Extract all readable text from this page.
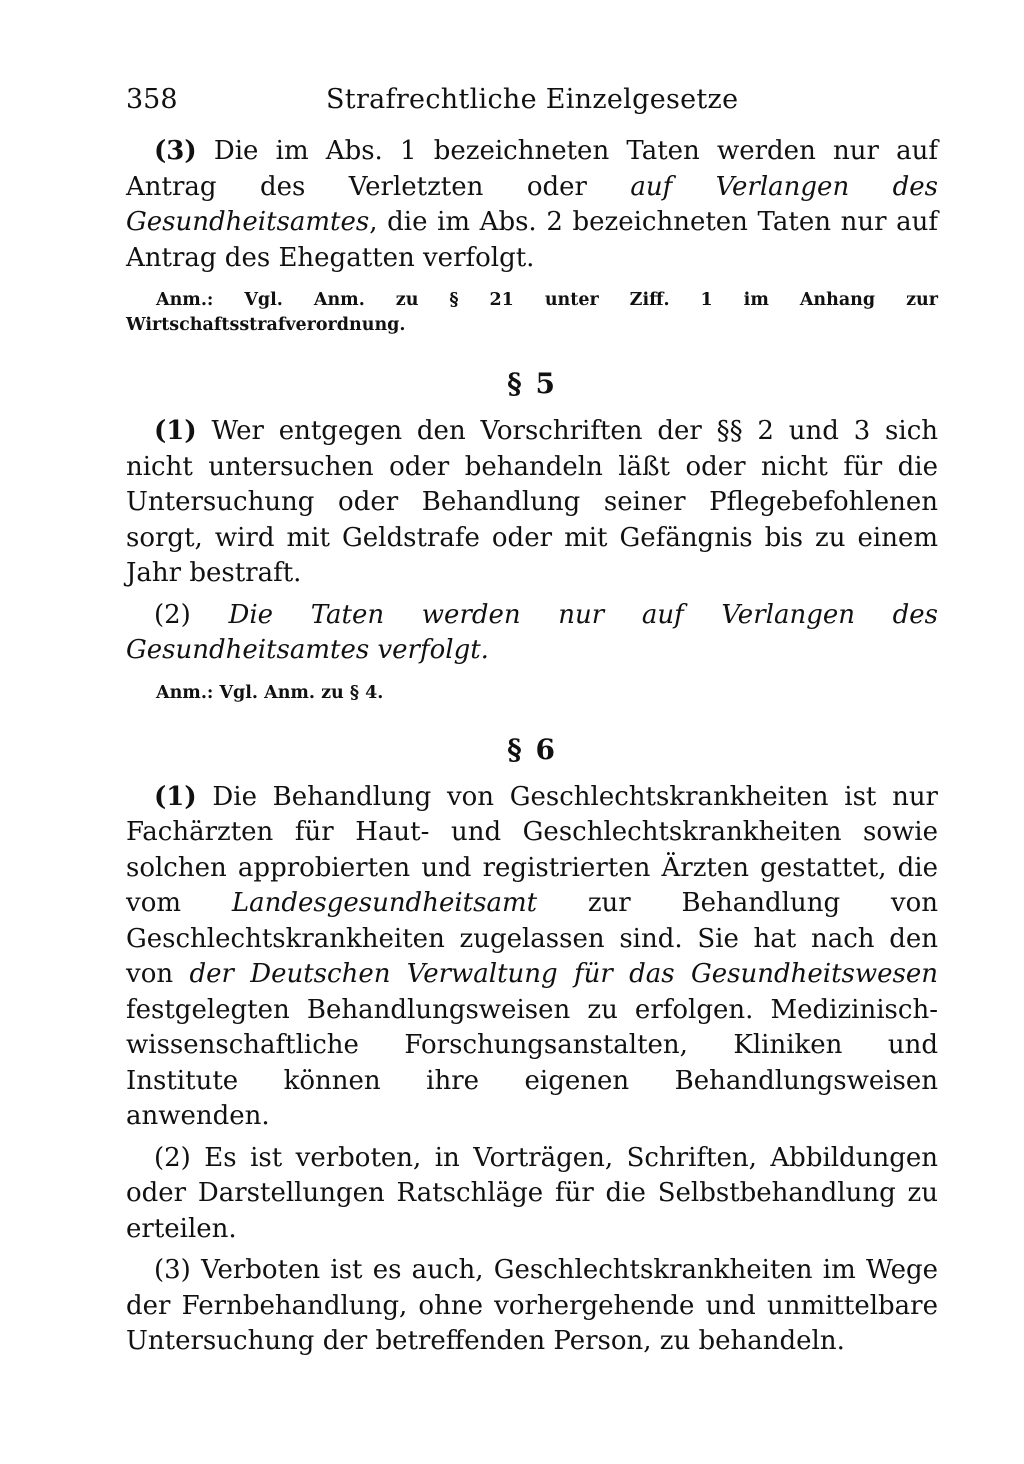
358	Strafrechtliche Einzelgesetze

(3) Die im Abs. 1 bezeichneten Taten werden nur auf Antrag des Verletzten oder auf Verlangen des Gesundheitsamtes, die im Abs. 2 bezeichneten Taten nur auf Antrag des Ehegatten verfolgt.

Anm.: Vgl. Anm. zu § 21 unter Ziff. 1 im Anhang zur Wirtschaftsstrafverordnung.

§ 5

(1) Wer entgegen den Vorschriften der §§ 2 und 3 sich nicht untersuchen oder behandeln läßt oder nicht für die Untersuchung oder Behandlung seiner Pflegebefohlenen sorgt, wird mit Geldstrafe oder mit Gefängnis bis zu einem Jahr bestraft.

(2) Die Taten werden nur auf Verlangen des Gesundheitsamtes verfolgt.

Anm.: Vgl. Anm. zu § 4.

§ 6

(1) Die Behandlung von Geschlechtskrankheiten ist nur Fachärzten für Haut- und Geschlechtskrankheiten sowie solchen approbierten und registrierten Ärzten gestattet, die vom Landesgesundheitsamt zur Behandlung von Geschlechtskrankheiten zugelassen sind. Sie hat nach den von der Deutschen Verwaltung für das Gesundheitswesen festgelegten Behandlungsweisen zu erfolgen. Medizinisch-wissenschaftliche Forschungsanstalten, Kliniken und Institute können ihre eigenen Behandlungsweisen anwenden.

(2) Es ist verboten, in Vorträgen, Schriften, Abbildungen oder Darstellungen Ratschläge für die Selbstbehandlung zu erteilen.

(3) Verboten ist es auch, Geschlechtskrankheiten im Wege der Fernbehandlung, ohne vorhergehende und unmittelbare Untersuchung der betreffenden Person, zu behandeln.
